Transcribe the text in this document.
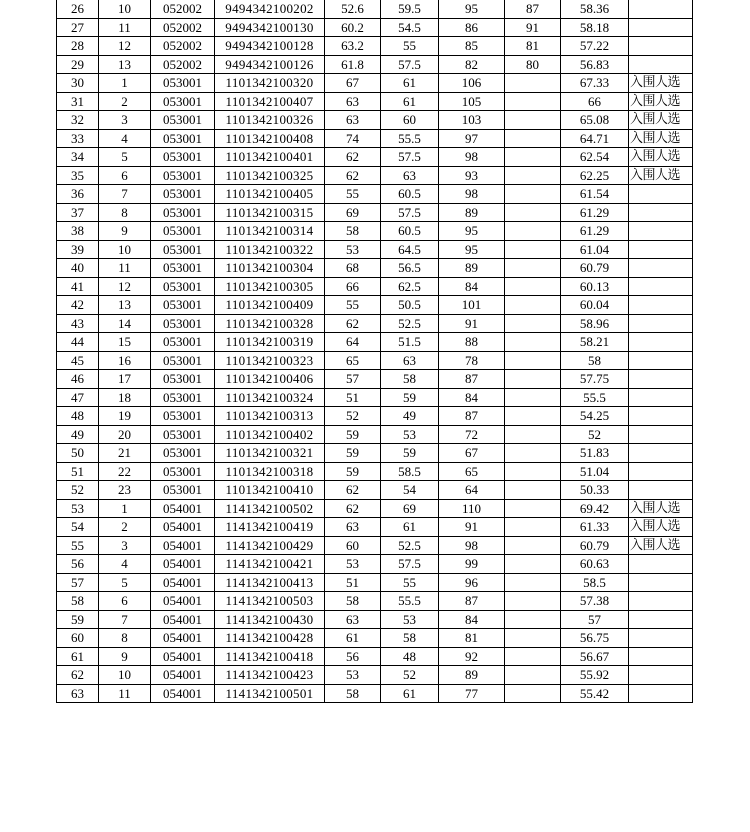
26	10	052002	9494342100202	52.6	59.5	95	87	58.36	
27	11	052002	9494342100130	60.2	54.5	86	91	58.18	
28	12	052002	9494342100128	63.2	55	85	81	57.22	
29	13	052002	9494342100126	61.8	57.5	82	80	56.83	
30	1	053001	1101342100320	67	61	106		67.33	入围人选
31	2	053001	1101342100407	63	61	105		66	入围人选
32	3	053001	1101342100326	63	60	103		65.08	入围人选
33	4	053001	1101342100408	74	55.5	97		64.71	入围人选
34	5	053001	1101342100401	62	57.5	98		62.54	入围人选
35	6	053001	1101342100325	62	63	93		62.25	入围人选
36	7	053001	1101342100405	55	60.5	98		61.54	
37	8	053001	1101342100315	69	57.5	89		61.29	
38	9	053001	1101342100314	58	60.5	95		61.29	
39	10	053001	1101342100322	53	64.5	95		61.04	
40	11	053001	1101342100304	68	56.5	89		60.79	
41	12	053001	1101342100305	66	62.5	84		60.13	
42	13	053001	1101342100409	55	50.5	101		60.04	
43	14	053001	1101342100328	62	52.5	91		58.96	
44	15	053001	1101342100319	64	51.5	88		58.21	
45	16	053001	1101342100323	65	63	78		58	
46	17	053001	1101342100406	57	58	87		57.75	
47	18	053001	1101342100324	51	59	84		55.5	
48	19	053001	1101342100313	52	49	87		54.25	
49	20	053001	1101342100402	59	53	72		52	
50	21	053001	1101342100321	59	59	67		51.83	
51	22	053001	1101342100318	59	58.5	65		51.04	
52	23	053001	1101342100410	62	54	64		50.33	
53	1	054001	1141342100502	62	69	110		69.42	入围人选
54	2	054001	1141342100419	63	61	91		61.33	入围人选
55	3	054001	1141342100429	60	52.5	98		60.79	入围人选
56	4	054001	1141342100421	53	57.5	99		60.63	
57	5	054001	1141342100413	51	55	96		58.5	
58	6	054001	1141342100503	58	55.5	87		57.38	
59	7	054001	1141342100430	63	53	84		57	
60	8	054001	1141342100428	61	58	81		56.75	
61	9	054001	1141342100418	56	48	92		56.67	
62	10	054001	1141342100423	53	52	89		55.92	
63	11	054001	1141342100501	58	61	77		55.42	
